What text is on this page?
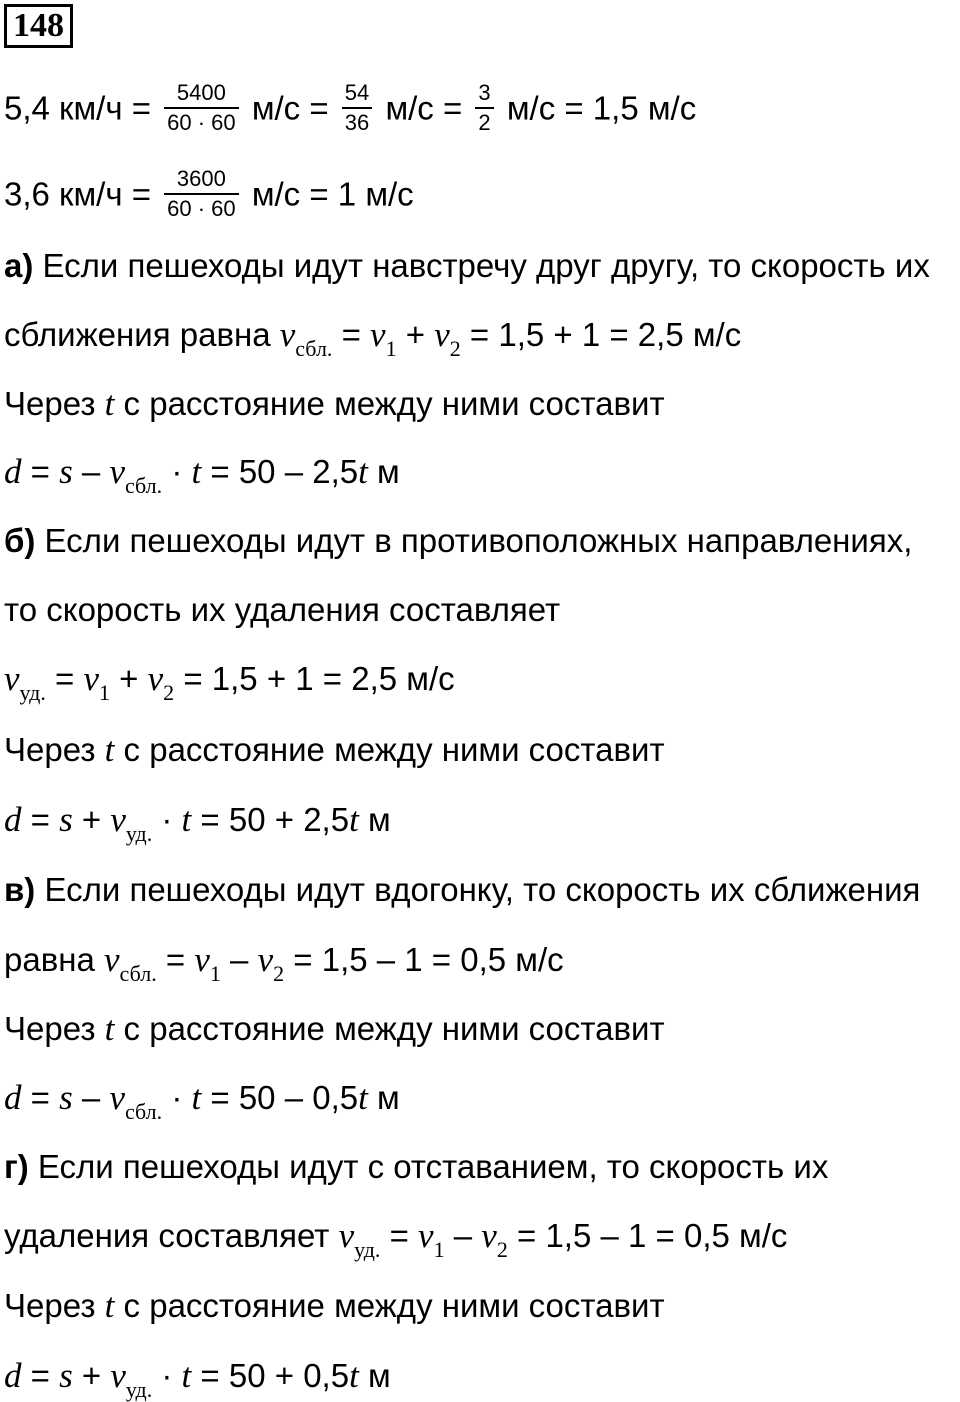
148
5,4 $км/ч = \frac{5400}{60 \cdot 60} м/с = \frac{54}{36} м/с = \frac{3}{2} м/с = 1,5$ м/с
3,6 $км/ч = \frac{3600}{60 \cdot 60} м/с = 1$ м/с
а) Если пешеходы идут навстречу друг другу, то скорость их
сближения равна $v_{сбл.} = v_1 + v_2 = 1,5 + 1 = 2,5$ м/с
Через t с расстояние между ними составит
$d = s - v_{сбл.} \cdot t = 50 - 2,5t$ м
б) Если пешеходы идут в противоположных направлениях,
то скорость их удаления составляет
$v_{уд.} = v_1 + v_2 = 1,5 + 1 = 2,5$ м/с
Через t с расстояние между ними составит
$d = s + v_{уд.} \cdot t = 50 + 2,5t$ м
в) Если пешеходы идут вдогонку, то скорость их сближения
равна $v_{сбл.} = v_1 - v_2 = 1,5 - 1 = 0,5$ м/с
Через t с расстояние между ними составит
$d = s - v_{сбл.} \cdot t = 50 - 0,5t$ м
г) Если пешеходы идут с отставанием, то скорость их
удаления составляет $v_{уд.} = v_1 - v_2 = 1,5 - 1 = 0,5$ м/с
Через t с расстояние между ними составит
$d = s + v_{уд.} \cdot t = 50 + 0,5t$ м
